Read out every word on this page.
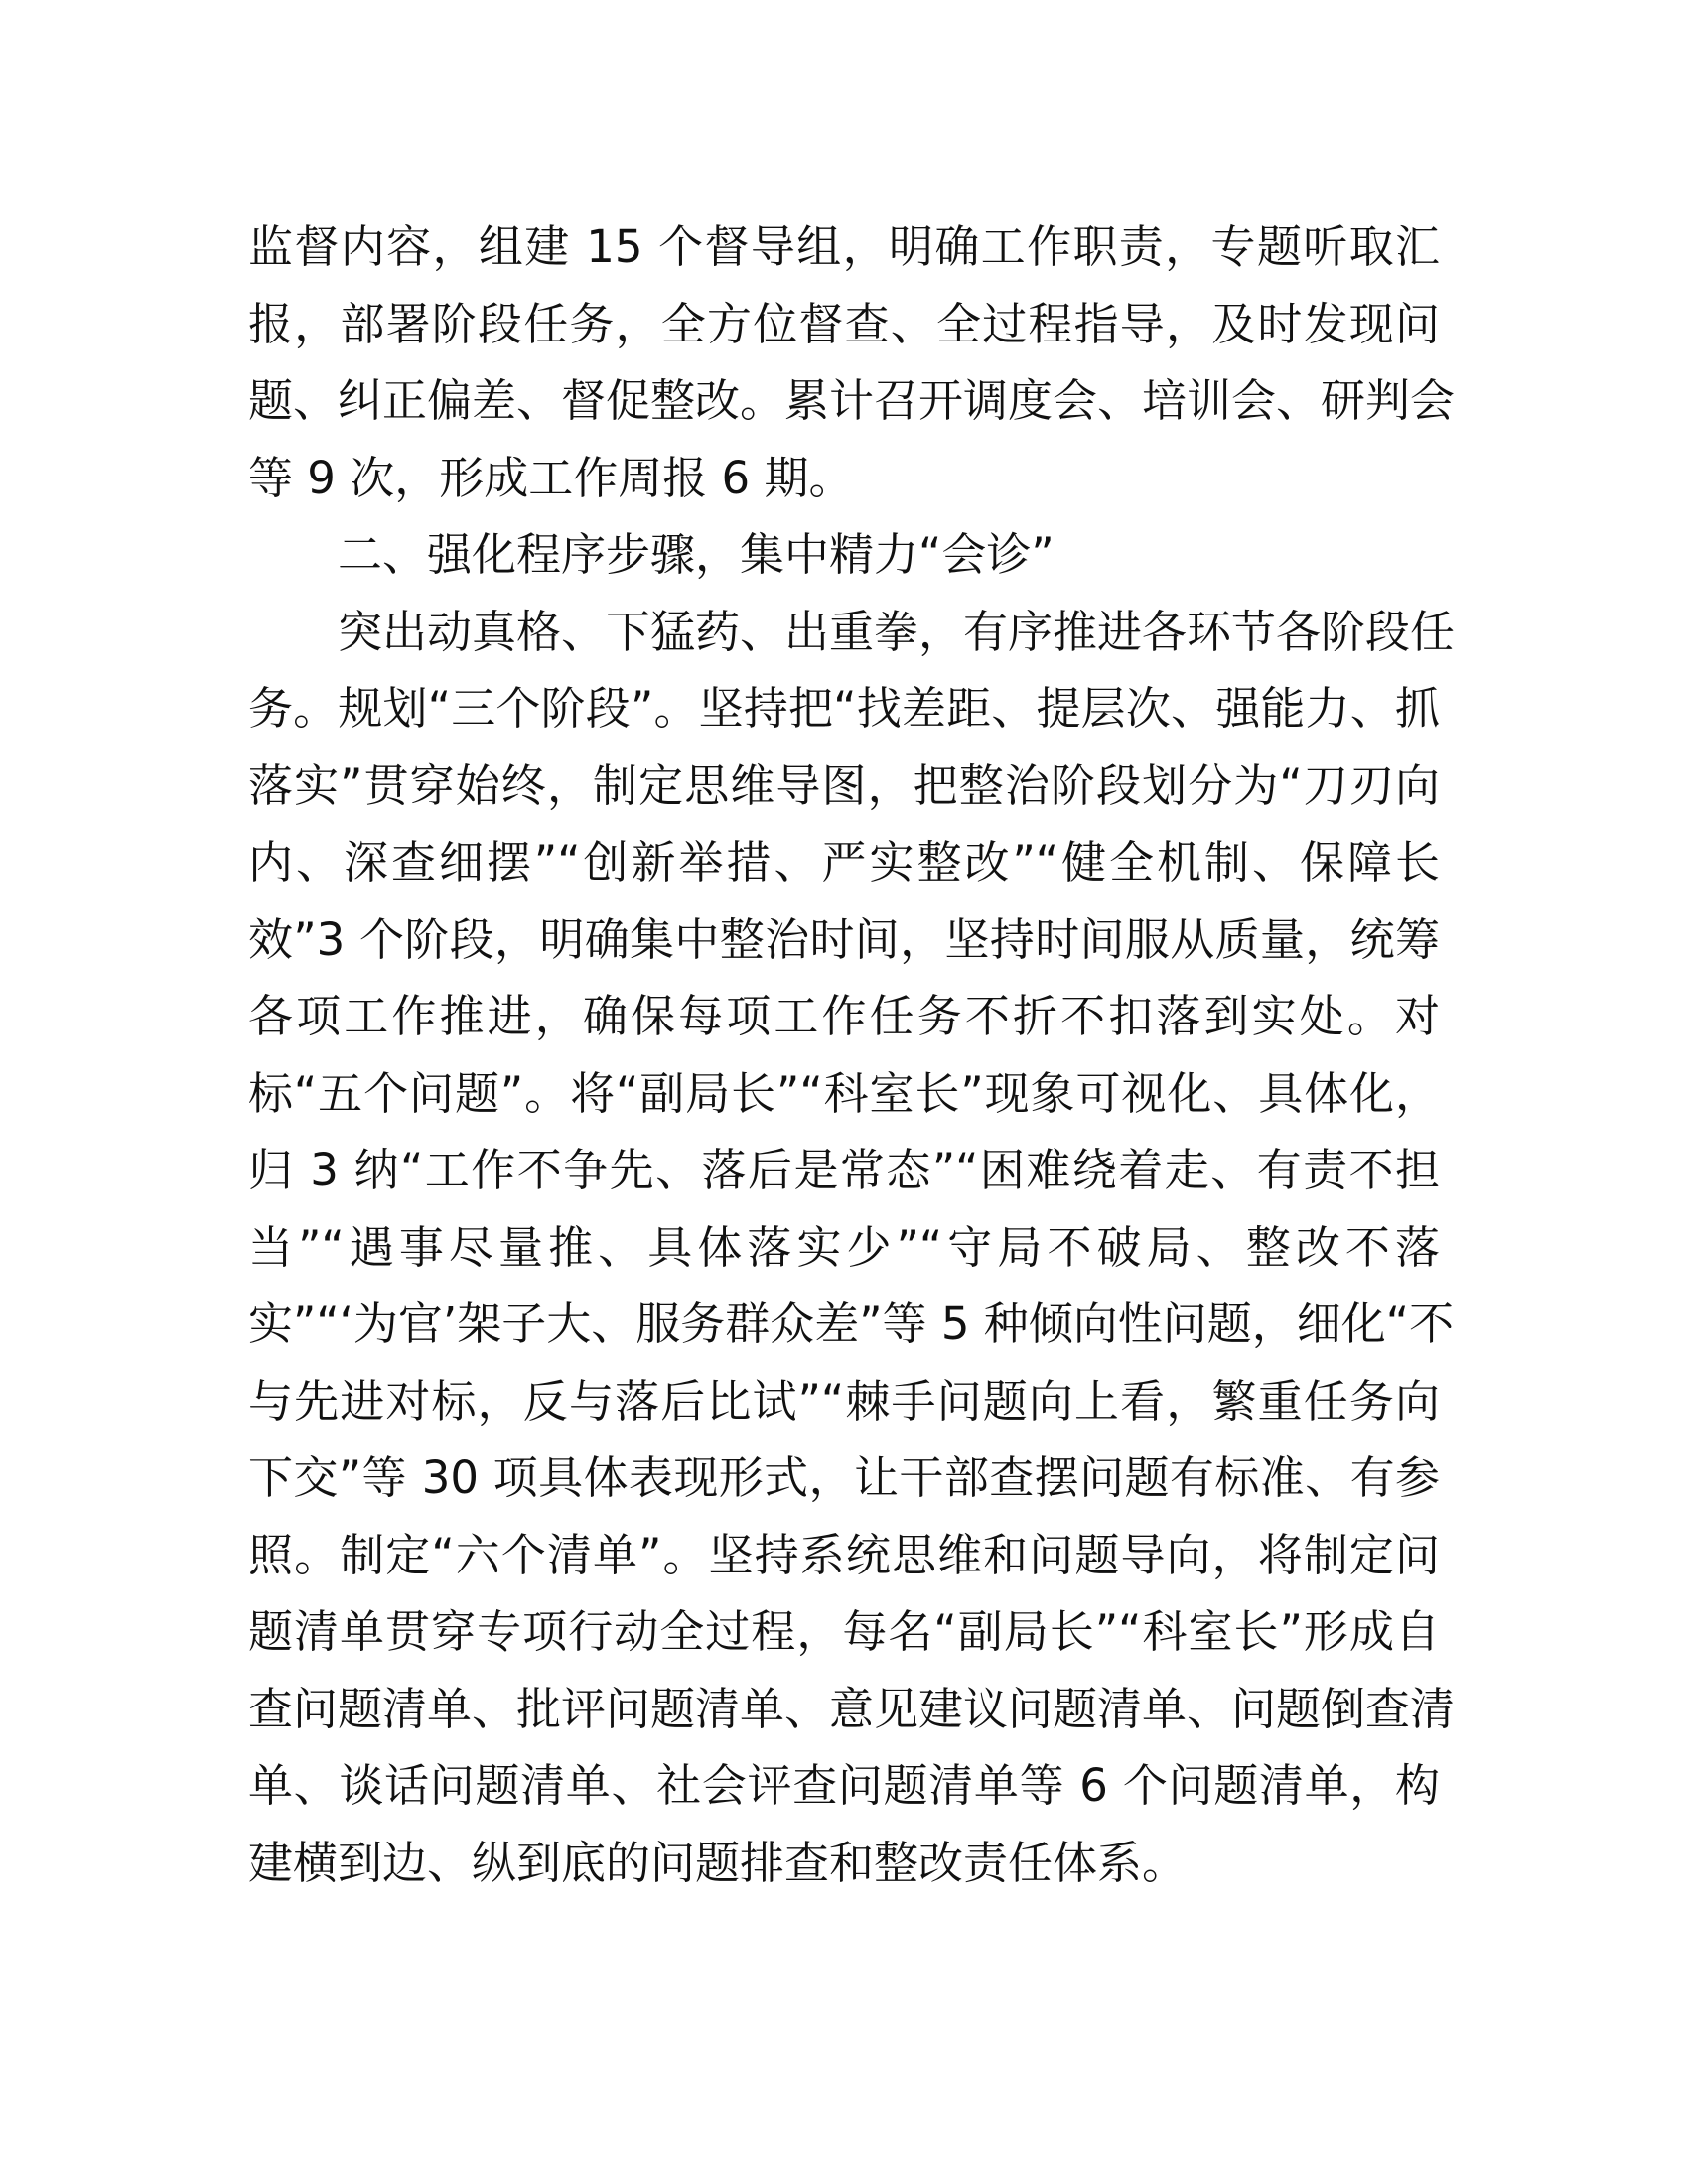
监督内容，组建 15 个督导组，明确工作职责，专题听取汇
报，部署阶段任务，全方位督查、全过程指导，及时发现问
题、纠正偏差、督促整改。累计召开调度会、培训会、研判会
等 9 次，形成工作周报 6 期。
二、强化程序步骤，集中精力“会诊”
突出动真格、下猛药、出重拳，有序推进各环节各阶段任
务。规划“三个阶段”。坚持把“找差距、提层次、强能力、抓
落实”贯穿始终，制定思维导图，把整治阶段划分为“刀刃向
内、深查细摆”“创新举措、严实整改”“健全机制、保障长
效”3 个阶段，明确集中整治时间，坚持时间服从质量，统筹
各项工作推进，确保每项工作任务不折不扣落到实处。对
标“五个问题”。将“副局长”“科室长”现象可视化、具体化，
归 3 纳“工作不争先、落后是常态”“困难绕着走、有责不担
当”“遇事尽量推、具体落实少”“守局不破局、整改不落
实”“‘为官’架子大、服务群众差”等 5 种倾向性问题，细化“不
与先进对标，反与落后比试”“棘手问题向上看，繁重任务向
下交”等 30 项具体表现形式，让干部查摆问题有标准、有参
照。制定“六个清单”。坚持系统思维和问题导向，将制定问
题清单贯穿专项行动全过程，每名“副局长”“科室长”形成自
查问题清单、批评问题清单、意见建议问题清单、问题倒查清
单、谈话问题清单、社会评查问题清单等 6 个问题清单，构
建横到边、纵到底的问题排查和整改责任体系。
